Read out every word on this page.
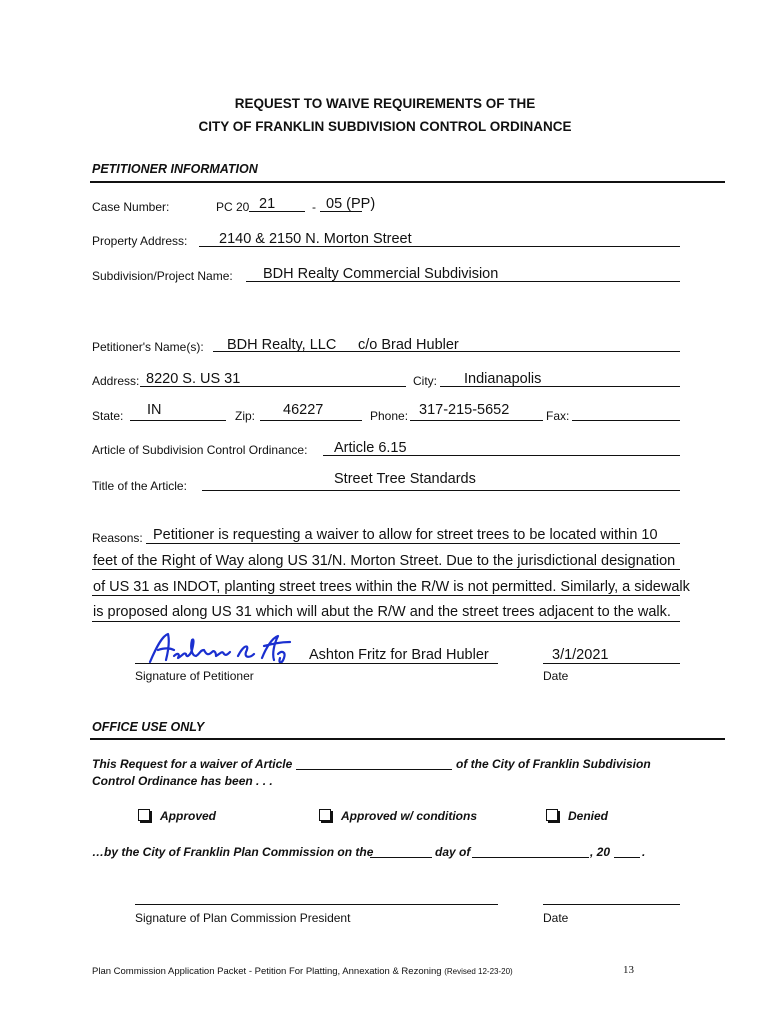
REQUEST TO WAIVE REQUIREMENTS OF THE
CITY OF FRANKLIN SUBDIVISION CONTROL ORDINANCE
PETITIONER INFORMATION
Case Number:	PC 20 21	- 05 (PP)
Property Address: 2140 & 2150 N. Morton Street
Subdivision/Project Name: BDH Realty Commercial Subdivision
Petitioner's Name(s): BDH Realty, LLC c/o Brad Hubler
Address: 8220 S. US 31	City: Indianapolis
State: IN	Zip: 46227	Phone: 317-215-5652	Fax:
Article of Subdivision Control Ordinance: Article 6.15
Title of the Article:	Street Tree Standards
Reasons: Petitioner is requesting a waiver to allow for street trees to be located within 10
feet of the Right of Way along US 31/N. Morton Street. Due to the jurisdictional designation
of US 31 as INDOT, planting street trees within the R/W is not permitted. Similarly, a sidewalk
is proposed along US 31 which will abut the R/W and the street trees adjacent to the walk.
Ashton Fritz for Brad Hubler
Signature of Petitioner
3/1/2021
Date
OFFICE USE ONLY
This Request for a waiver of Article	of the City of Franklin Subdivision
Control Ordinance has been . . .
Approved	Approved w/ conditions	Denied
…by the City of Franklin Plan Commission on the	day of	, 20	.
Signature of Plan Commission President	Date
Plan Commission Application Packet - Petition For Platting, Annexation & Rezoning (Revised 12-23-20)	13
